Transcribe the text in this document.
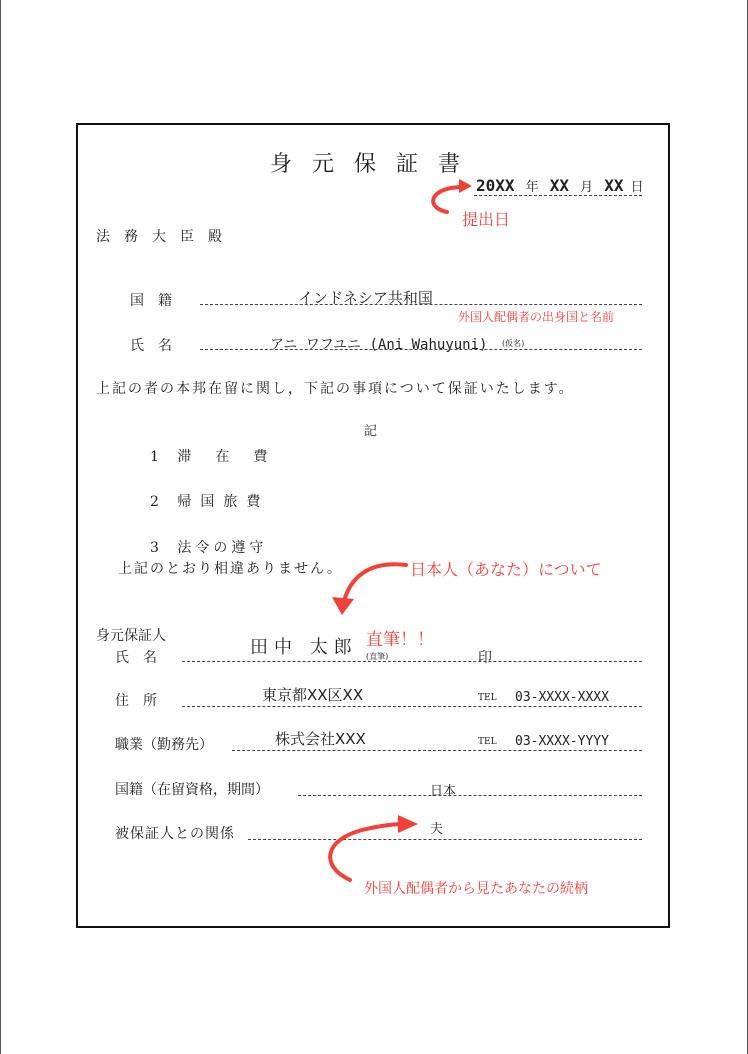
身元保証書
20XX 年 XX 月 XX 日
提出日
法務大臣殿
国籍	インドネシア共和国
外国人配偶者の出身国と名前
氏名	アニ ワフユニ (Ani Wahuyuni) (仮名)
上記の者の本邦在留に関し，下記の事項について保証いたします。
記
1 滞在費
2 帰国旅費
3 法令の遵守
上記のとおり相違ありません。	日本人（あなた）について
身元保証人
氏名	田中 太郎 (直筆)
直筆！！
印
住所	東京都XX区XX	TEL 03-XXXX-XXXX
職業（勤務先）	株式会社XXX	TEL 03-XXXX-YYYY
国籍（在留資格，期間）	日本
被保証人との関係	夫
外国人配偶者から見たあなたの続柄
